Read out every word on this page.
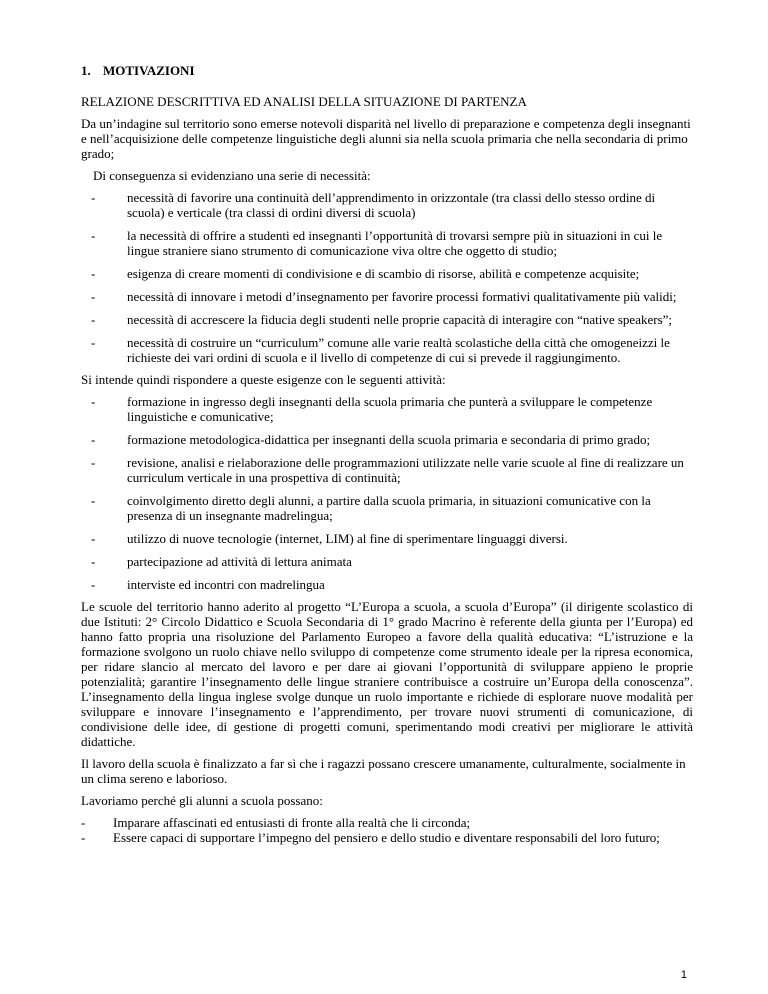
1. MOTIVAZIONI

RELAZIONE DESCRITTIVA ED ANALISI DELLA SITUAZIONE DI PARTENZA

Da un’indagine sul territorio sono emerse notevoli disparità nel livello di preparazione e competenza degli insegnanti e nell’acquisizione delle competenze linguistiche degli alunni sia nella scuola primaria che nella secondaria di primo grado;

Di conseguenza si evidenziano una serie di necessità:

- necessità di favorire una continuità dell’apprendimento in orizzontale (tra classi dello stesso ordine di scuola) e verticale (tra classi di ordini diversi di scuola)
- la necessità di offrire a studenti ed insegnanti l’opportunità di trovarsi sempre più in situazioni in cui le lingue straniere siano strumento di comunicazione viva oltre che oggetto di studio;
- esigenza di creare momenti di condivisione e di scambio di risorse, abilità e competenze acquisite;
- necessità di innovare i metodi d’insegnamento per favorire processi formativi qualitativamente più validi;
- necessità di accrescere la fiducia degli studenti nelle proprie capacità di interagire con “native speakers”;
- necessità di costruire un “curriculum” comune alle varie realtà scolastiche della città che omogeneizzi le richieste dei vari ordini di scuola e il livello di competenze di cui si prevede il raggiungimento.

Si intende quindi rispondere a queste esigenze con le seguenti attività:

- formazione in ingresso degli insegnanti della scuola primaria che punterà a sviluppare le competenze linguistiche e comunicative;
- formazione metodologica-didattica per insegnanti della scuola primaria e secondaria di primo grado;
- revisione, analisi e rielaborazione delle programmazioni utilizzate nelle varie scuole al fine di realizzare un curriculum verticale in una prospettiva di continuità;
- coinvolgimento diretto degli alunni, a partire dalla scuola primaria, in situazioni comunicative con la presenza di un insegnante madrelingua;
- utilizzo di nuove tecnologie (internet, LIM) al fine di sperimentare linguaggi diversi.
- partecipazione ad attività di lettura animata
- interviste ed incontri con madrelingua

Le scuole del territorio hanno aderito al progetto “L’Europa a scuola, a scuola d’Europa” (il dirigente scolastico di due Istituti: 2° Circolo Didattico e Scuola Secondaria di 1° grado Macrino è referente della giunta per l’Europa) ed hanno fatto propria una risoluzione del Parlamento Europeo a favore della qualità educativa: “L’istruzione e la formazione svolgono un ruolo chiave nello sviluppo di competenze come strumento ideale per la ripresa economica, per ridare slancio al mercato del lavoro e per dare ai giovani l’opportunità di sviluppare appieno le proprie potenzialità; garantire l’insegnamento delle lingue straniere contribuisce a costruire un’Europa della conoscenza”. L’insegnamento della lingua inglese svolge dunque un ruolo importante e richiede di esplorare nuove modalità per sviluppare e innovare l’insegnamento e l’apprendimento, per trovare nuovi strumenti di comunicazione, di condivisione delle idee, di gestione di progetti comuni, sperimentando modi creativi per migliorare le attività didattiche.

Il lavoro della scuola è finalizzato a far sì che i ragazzi possano crescere umanamente, culturalmente, socialmente in un clima sereno e laborioso.

Lavoriamo perché gli alunni a scuola possano:

- Imparare affascinati ed entusiasti di fronte alla realtà che li circonda;
- Essere capaci di supportare l’impegno del pensiero e dello studio e diventare responsabili del loro futuro;
1
